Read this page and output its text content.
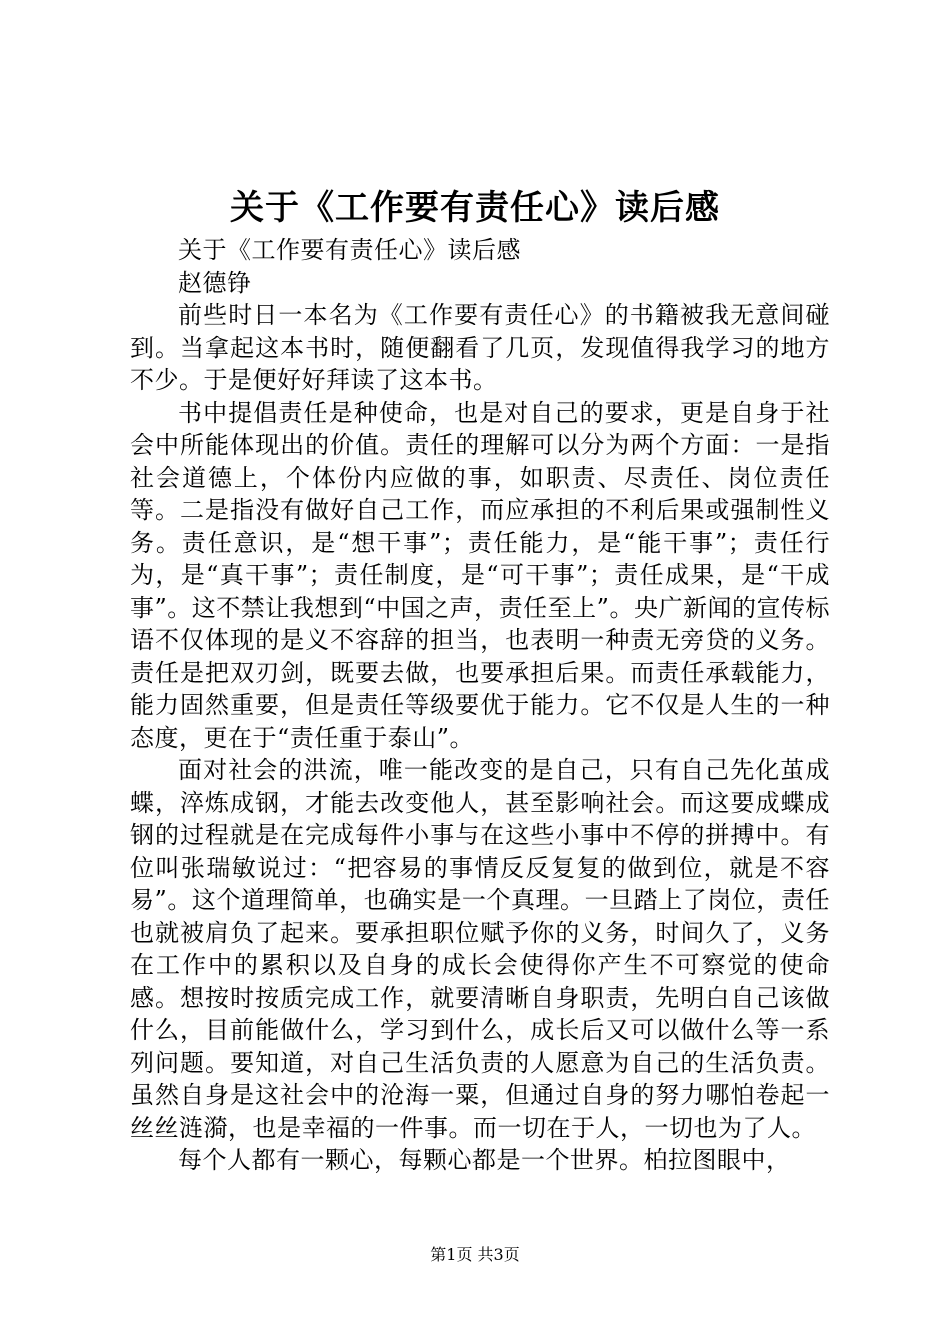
关于《工作要有责任心》读后感

关于《工作要有责任心》读后感

赵德铮

前些时日一本名为《工作要有责任心》的书籍被我无意间碰到。当拿起这本书时，随便翻看了几页，发现值得我学习的地方不少。于是便好好拜读了这本书。

书中提倡责任是种使命，也是对自己的要求，更是自身于社会中所能体现出的价值。责任的理解可以分为两个方面：一是指社会道德上，个体份内应做的事，如职责、尽责任、岗位责任等。二是指没有做好自己工作，而应承担的不利后果或强制性义务。责任意识，是“想干事”；责任能力，是“能干事”；责任行为，是“真干事”；责任制度，是“可干事”；责任成果，是“干成事”。这不禁让我想到“中国之声，责任至上”。央广新闻的宣传标语不仅体现的是义不容辞的担当，也表明一种责无旁贷的义务。责任是把双刃剑，既要去做，也要承担后果。而责任承载能力，能力固然重要，但是责任等级要优于能力。它不仅是人生的一种态度，更在于“责任重于泰山”。

面对社会的洪流，唯一能改变的是自己，只有自己先化茧成蝶，淬炼成钢，才能去改变他人，甚至影响社会。而这要成蝶成钢的过程就是在完成每件小事与在这些小事中不停的拼搏中。有位叫张瑞敏说过：“把容易的事情反反复复的做到位，就是不容易”。这个道理简单，也确实是一个真理。一旦踏上了岗位，责任也就被肩负了起来。要承担职位赋予你的义务，时间久了，义务在工作中的累积以及自身的成长会使得你产生不可察觉的使命感。想按时按质完成工作，就要清晰自身职责，先明白自己该做什么，目前能做什么，学习到什么，成长后又可以做什么等一系列问题。要知道，对自己生活负责的人愿意为自己的生活负责。虽然自身是这社会中的沧海一粟，但通过自身的努力哪怕卷起一丝丝涟漪，也是幸福的一件事。而一切在于人，一切也为了人。

每个人都有一颗心，每颗心都是一个世界。柏拉图眼中，

第1页 共3页
